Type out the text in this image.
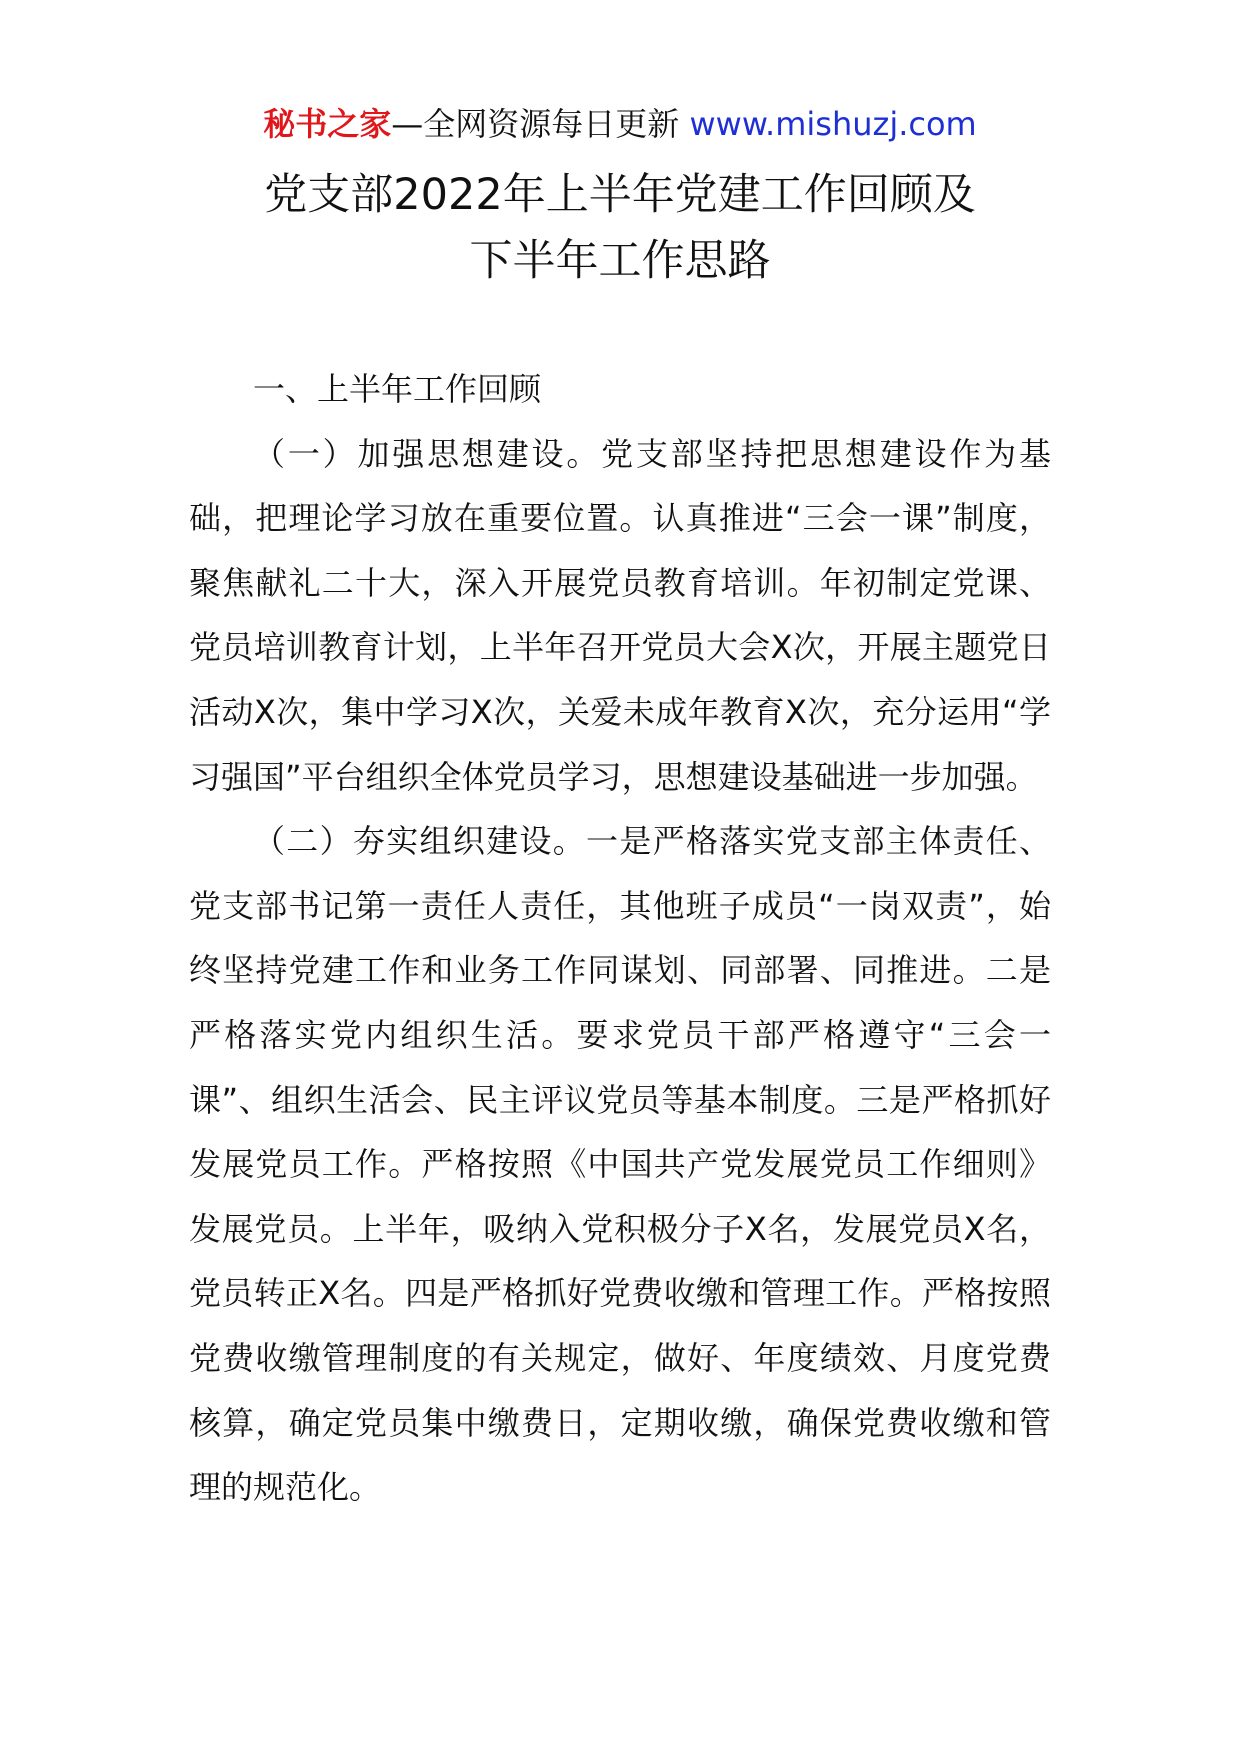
秘书之家—全网资源每日更新 www.mishuzj.com
党支部2022年上半年党建工作回顾及
下半年工作思路
一、上半年工作回顾

（一）加强思想建设。党支部坚持把思想建设作为基础，把理论学习放在重要位置。认真推进“三会一课”制度，聚焦献礼二十大，深入开展党员教育培训。年初制定党课、党员培训教育计划，上半年召开党员大会X次，开展主题党日活动X次，集中学习X次，关爱未成年教育X次，充分运用“学习强国”平台组织全体党员学习，思想建设基础进一步加强。

（二）夯实组织建设。一是严格落实党支部主体责任、党支部书记第一责任人责任，其他班子成员“一岗双责”，始终坚持党建工作和业务工作同谋划、同部署、同推进。二是严格落实党内组织生活。要求党员干部严格遵守“三会一课”、组织生活会、民主评议党员等基本制度。三是严格抓好发展党员工作。严格按照《中国共产党发展党员工作细则》发展党员。上半年，吸纳入党积极分子X名，发展党员X名，党员转正X名。四是严格抓好党费收缴和管理工作。严格按照党费收缴管理制度的有关规定，做好、年度绩效、月度党费核算，确定党员集中缴费日，定期收缴，确保党费收缴和管理的规范化。
